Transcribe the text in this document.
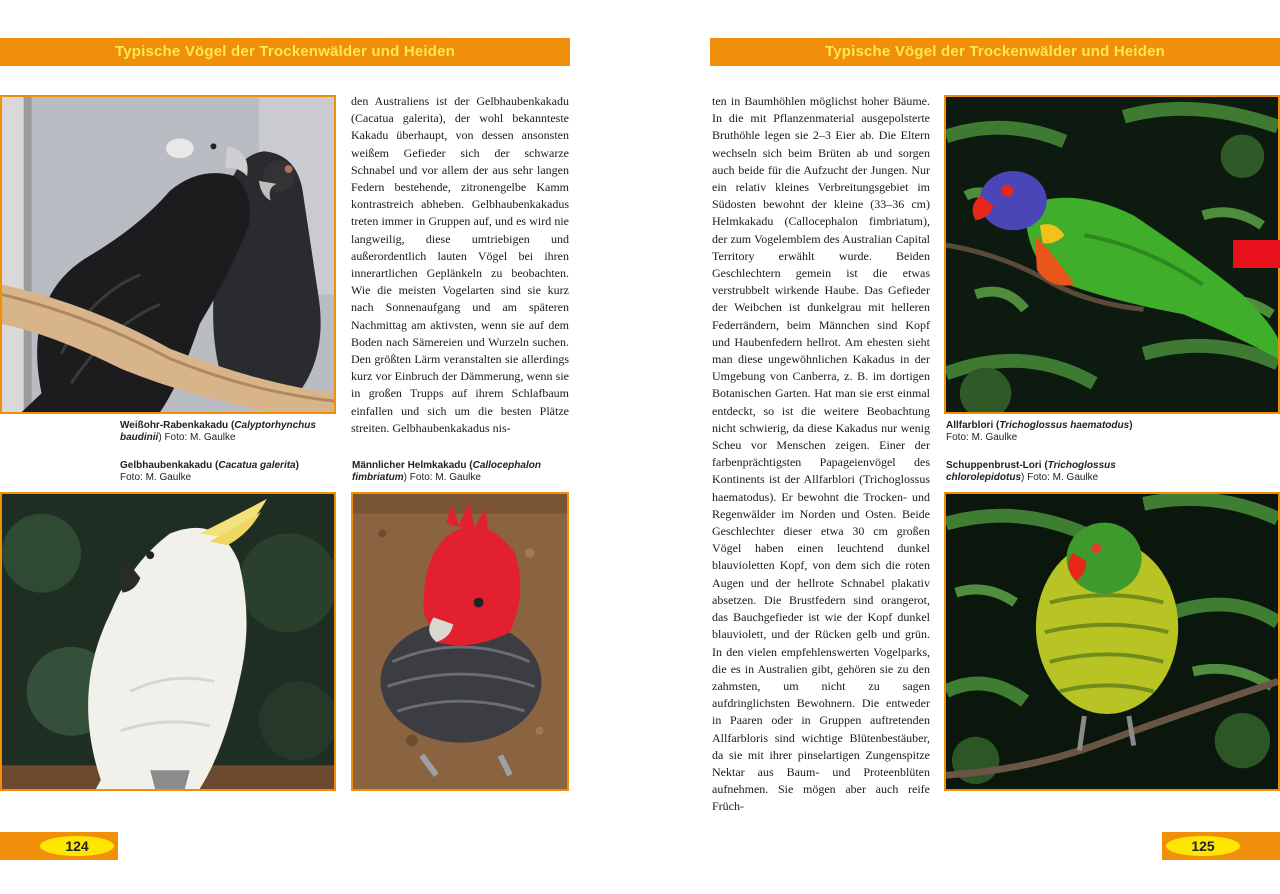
Typische Vögel der Trockenwälder und Heiden
Weißohr-Rabenkakadu (Calyptorhynchus baudinii) Foto: M. Gaulke
Gelbhaubenkakadu (Cacatua galerita)
Foto: M. Gaulke

den Australiens ist der Gelbhaubenkakadu (Cacatua galerita), der wohl bekannteste Kakadu überhaupt, von dessen ansonsten weißem Gefieder sich der schwarze Schnabel und vor allem der aus sehr langen Federn bestehende, zitronengelbe Kamm kontrastreich abheben. Gelbhaubenkakadus treten immer in Gruppen auf, und es wird nie langweilig, diese umtriebigen und außerordentlich lauten Vögel bei ihren innerartlichen Geplänkeln zu beobachten. Wie die meisten Vogelarten sind sie kurz nach Sonnenaufgang und am späteren Nachmittag am aktivsten, wenn sie auf dem Boden nach Sämereien und Wurzeln suchen. Den größten Lärm veranstalten sie allerdings kurz vor Einbruch der Dämmerung, wenn sie in großen Trupps auf ihrem Schlafbaum einfallen und sich um die besten Plätze streiten. Gelbhaubenkakadus nis-

Männlicher Helmkakadu (Callocephalon fimbriatum) Foto: M. Gaulke
124
Typische Vögel der Trockenwälder und Heiden

ten in Baumhöhlen möglichst hoher Bäume. In die mit Pflanzenmaterial ausgepolsterte Bruthöhle legen sie 2–3 Eier ab. Die Eltern wechseln sich beim Brüten ab und sorgen auch beide für die Aufzucht der Jungen. Nur ein relativ kleines Verbreitungsgebiet im Südosten bewohnt der kleine (33–36 cm) Helmkakadu (Callocephalon fimbriatum), der zum Vogelemblem des Australian Capital Territory erwählt wurde. Beiden Geschlechtern gemein ist die etwas verstrubbelt wirkende Haube. Das Gefieder der Weibchen ist dunkelgrau mit helleren Federrändern, beim Männchen sind Kopf und Haubenfedern hellrot. Am ehesten sieht man diese ungewöhnlichen Kakadus in der Umgebung von Canberra, z. B. im dortigen Botanischen Garten. Hat man sie erst einmal entdeckt, so ist die weitere Beobachtung nicht schwierig, da diese Kakadus nur wenig Scheu vor Menschen zeigen. Einer der farbenprächtigsten Papageienvögel des Kontinents ist der Allfarblori (Trichoglossus haematodus). Er bewohnt die Trocken- und Regenwälder im Norden und Osten. Beide Geschlechter dieser etwa 30 cm großen Vögel haben einen leuchtend dunkel blauvioletten Kopf, von dem sich die roten Augen und der hellrote Schnabel plakativ absetzen. Die Brustfedern sind orangerot, das Bauchgefieder ist wie der Kopf dunkel blauviolett, und der Rücken gelb und grün. In den vielen empfehlenswerten Vogelparks, die es in Australien gibt, gehören sie zu den zahmsten, um nicht zu sagen aufdringlichsten Bewohnern. Die entweder in Paaren oder in Gruppen auftretenden Allfarbloris sind wichtige Blütenbestäuber, da sie mit ihrer pinselartigen Zungenspitze Nektar aus Baum- und Proteenblüten aufnehmen. Sie mögen aber auch reife Früch-

Allfarblori (Trichoglossus haematodus)
Foto: M. Gaulke
Schuppenbrust-Lori (Trichoglossus chlorolepidotus) Foto: M. Gaulke
125
